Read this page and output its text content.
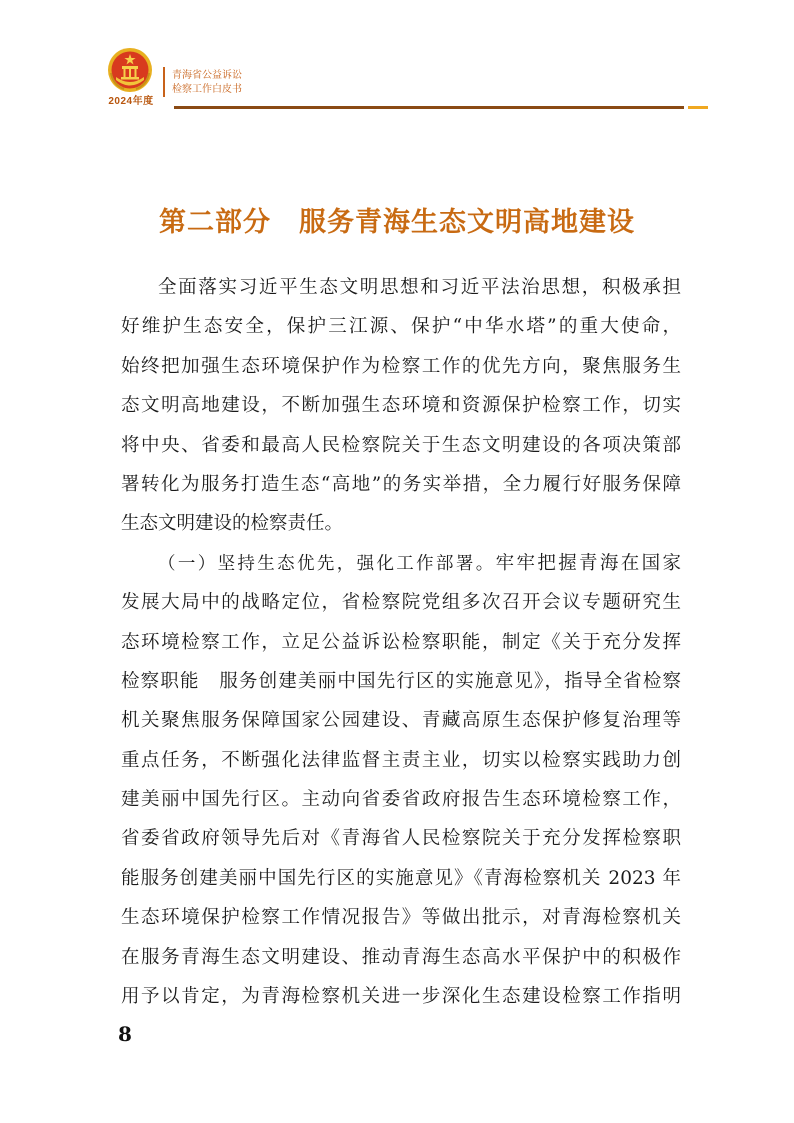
2024年度
青海省公益诉讼
检察工作白皮书
第二部分　服务青海生态文明高地建设
全面落实习近平生态文明思想和习近平法治思想，积极承担
好维护生态安全，保护三江源、保护“中华水塔”的重大使命，
始终把加强生态环境保护作为检察工作的优先方向，聚焦服务生
态文明高地建设，不断加强生态环境和资源保护检察工作，切实
将中央、省委和最高人民检察院关于生态文明建设的各项决策部
署转化为服务打造生态“高地”的务实举措，全力履行好服务保障
生态文明建设的检察责任。
（一）坚持生态优先，强化工作部署。牢牢把握青海在国家
发展大局中的战略定位，省检察院党组多次召开会议专题研究生
态环境检察工作，立足公益诉讼检察职能，制定《关于充分发挥
检察职能　服务创建美丽中国先行区的实施意见》，指导全省检察
机关聚焦服务保障国家公园建设、青藏高原生态保护修复治理等
重点任务，不断强化法律监督主责主业，切实以检察实践助力创
建美丽中国先行区。主动向省委省政府报告生态环境检察工作，
省委省政府领导先后对《青海省人民检察院关于充分发挥检察职
能服务创建美丽中国先行区的实施意见》《青海检察机关 2023 年
生态环境保护检察工作情况报告》等做出批示，对青海检察机关
在服务青海生态文明建设、推动青海生态高水平保护中的积极作
用予以肯定，为青海检察机关进一步深化生态建设检察工作指明
8
